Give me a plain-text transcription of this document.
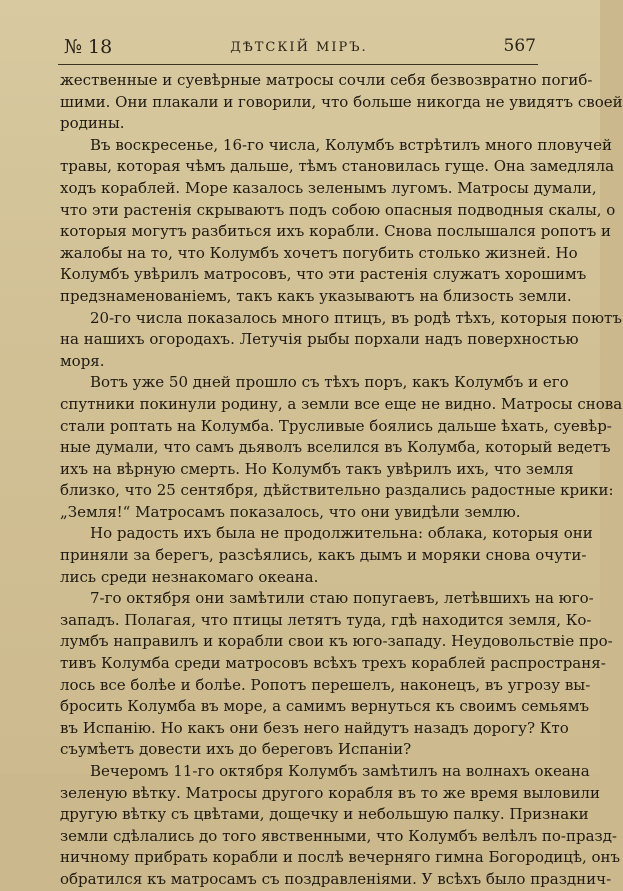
№ 18	ДѢТСКІЙ МІРЪ.	567
жественные и суевѣрные матросы сочли себя безвозвратно погиб-
шими. Они плакали и говорили, что больше никогда не увидятъ своей
родины.
Въ воскресенье, 16-го числа, Колумбъ встрѣтилъ много пловучей
травы, которая чѣмъ дальше, тѣмъ становилась гуще. Она замедляла
ходъ кораблей. Море казалось зеленымъ лугомъ. Матросы думали,
что эти растенія скрываютъ подъ собою опасныя подводныя скалы, о
которыя могутъ разбиться ихъ корабли. Снова послышался ропотъ и
жалобы на то, что Колумбъ хочетъ погубить столько жизней. Но
Колумбъ увѣрилъ матросовъ, что эти растенія служатъ хорошимъ
предзнаменованіемъ, такъ какъ указываютъ на близость земли.
20-го числа показалось много птицъ, въ родѣ тѣхъ, которыя поютъ
на нашихъ огородахъ. Летучія рыбы порхали надъ поверхностью
моря.
Вотъ уже 50 дней прошло съ тѣхъ поръ, какъ Колумбъ и его
спутники покинули родину, а земли все еще не видно. Матросы снова
стали роптать на Колумба. Трусливые боялись дальше ѣхать, суевѣр-
ные думали, что самъ дьяволъ вселился въ Колумба, который ведетъ
ихъ на вѣрную смерть. Но Колумбъ такъ увѣрилъ ихъ, что земля
близко, что 25 сентября, дѣйствительно раздались радостные крики:
„Земля!“ Матросамъ показалось, что они увидѣли землю.
Но радость ихъ была не продолжительна: облака, которыя они
приняли за берегъ, разсѣялись, какъ дымъ и моряки снова очути-
лись среди незнакомаго океана.
7-го октября они замѣтили стаю попугаевъ, летѣвшихъ на юго-
западъ. Полагая, что птицы летятъ туда, гдѣ находится земля, Ко-
лумбъ направилъ и корабли свои къ юго-западу. Неудовольствіе про-
тивъ Колумба среди матросовъ всѣхъ трехъ кораблей распространя-
лось все болѣе и болѣе. Ропотъ перешелъ, наконецъ, въ угрозу вы-
бросить Колумба въ море, а самимъ вернуться къ своимъ семьямъ
въ Испанію. Но какъ они безъ него найдутъ назадъ дорогу? Кто
съумѣетъ довести ихъ до береговъ Испаніи?
Вечеромъ 11-го октября Колумбъ замѣтилъ на волнахъ океана
зеленую вѣтку. Матросы другого корабля въ то же время выловили
другую вѣтку съ цвѣтами, дощечку и небольшую палку. Признаки
земли сдѣлались до того явственными, что Колумбъ велѣлъ по-празд-
ничному прибрать корабли и послѣ вечерняго гимна Богородицѣ, онъ
обратился къ матросамъ съ поздравленіями. У всѣхъ было празднич-
